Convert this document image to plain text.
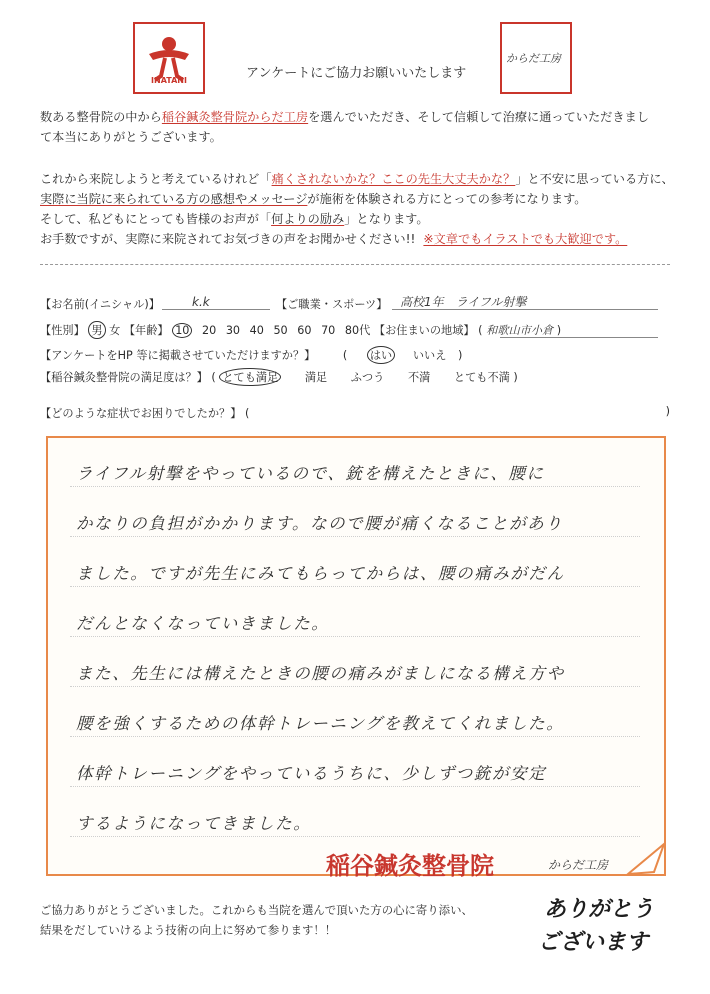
INATANI	アンケートにご協力お願いいたします
からだ工房
数ある整骨院の中から稲谷鍼灸整骨院からだ工房を選んでいただき、そして信頼して治療に通っていただきまし
て本当にありがとうございます。
これから来院しようと考えているけれど「痛くされないかな？ここの先生大丈夫かな？」と不安に思っている方に、
実際に当院に来られている方の感想やメッセージが施術を体験される方にとっての参考になります。
そして、私どもにとっても皆様のお声が「何よりの励み」となります。
お手数ですが、実際に来院されてお気づきの声をお聞かせください!! ※文章でもイラストでも大歓迎です。
【お名前(イニシャル)】	k.k	【ご職業・スポーツ】	高校1年　ライフル射撃
【性別】 男 女 【年齢】 10 20 30 40 50 60 70 80代 【お住まいの地域】 ( 和歌山市小倉 )
【アンケートをHP 等に掲載させていただけますか？】 ( はい いいえ )
【稲谷鍼灸整骨院の満足度は？】 ( とても満足 満足 ふつう 不満 とても不満 )
【どのような症状でお困りでしたか？】 (	)
ライフル射撃をやっているので、銃を構えたときに、腰に
かなりの負担がかかります。なので腰が痛くなることがあり
ました。ですが先生にみてもらってからは、腰の痛みがだん
だんとなくなっていきました。
また、先生には構えたときの腰の痛みがましになる構え方や
腰を強くするための体幹トレーニングを教えてくれました。
体幹トレーニングをやっているうちに、少しずつ銃が安定
するようになってきました。
稲谷鍼灸整骨院	からだ工房
ご協力ありがとうございました。これからも当院を選んで頂いた方の心に寄り添い、
結果をだしていけるよう技術の向上に努めて参ります！！
ありがとう
ございます
